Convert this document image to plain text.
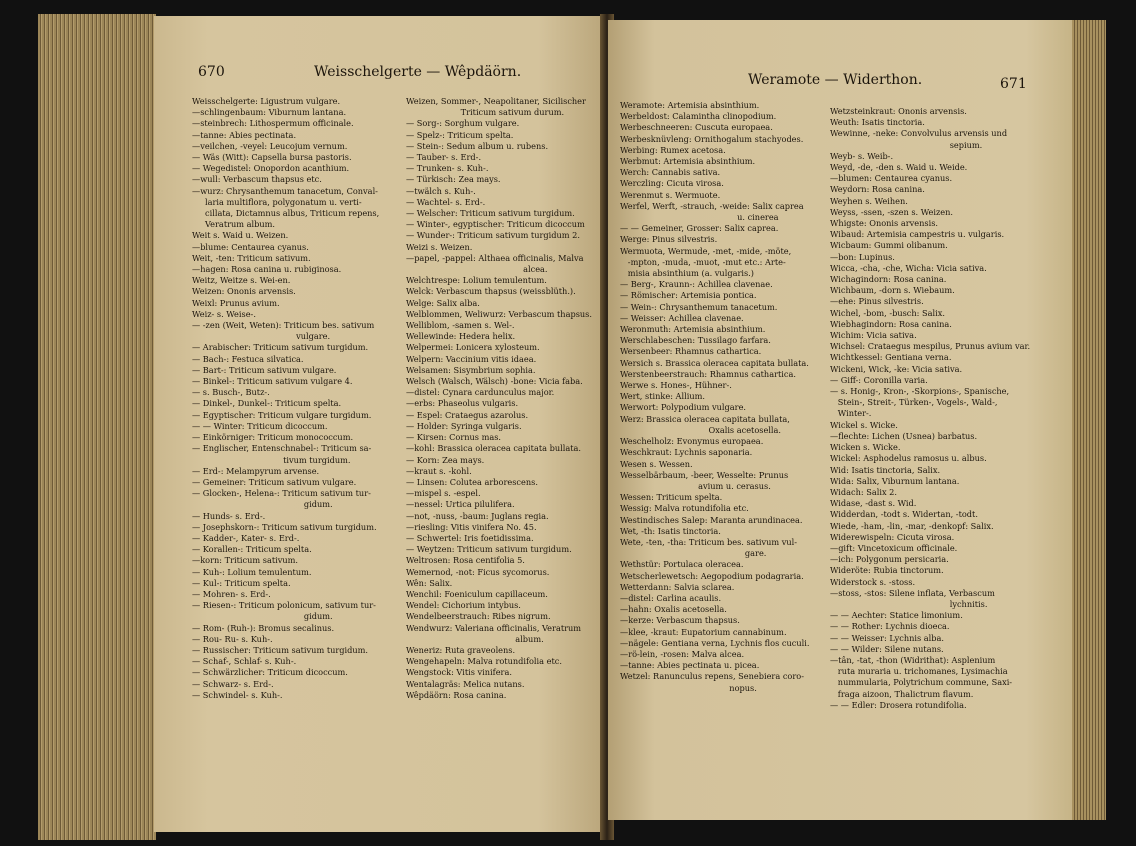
670	Weisschelgerte — Wêpdäörn.

Weisschelgerte: Ligustrum vulgare.

—schlingenbaum: Viburnum lantana.

—steinbrech: Lithospermum officinale.

—tanne: Abies pectinata.

—veilchen, -veyel: Leucojum vernum.

— Wäs (Witt): Capsella bursa pastoris.

— Wegedistel: Onopordon acanthium.

—wull: Verbascum thapsus etc.

—wurz: Chrysanthemum tanacetum, Conval-

laria multiflora, polygonatum u. verti-

cillata, Dictamnus albus, Triticum repens,

Veratrum album.

Weit s. Waid u. Weizen.

—blume: Centaurea cyanus.

Weit, -ten: Triticum sativum.

—hagen: Rosa canina u. rubiginosa.

Weitz, Weitze s. Wei-en.

Weizen: Ononis arvensis.

Weixl: Prunus avium.

Weiz- s. Weise-.

— -zen (Weit, Weten): Triticum bes. sativum

vulgare.

— Arabischer: Triticum sativum turgidum.

— Bach-: Festuca silvatica.

— Bart-: Triticum sativum vulgare.

— Binkel-: Triticum sativum vulgare 4.

— s. Busch-, Butz-.

— Dinkel-, Dunkel-: Triticum spelta.

— Egyptischer: Triticum vulgare turgidum.

— — Winter: Triticum dicoccum.

— Einkörniger: Triticum monococcum.

— Englischer, Entenschnabel-: Triticum sa-

tivum turgidum.

— Erd-: Melampyrum arvense.

— Gemeiner: Triticum sativum vulgare.

— Glocken-, Helena-: Triticum sativum tur-

gidum.

— Hunds- s. Erd-.

— Josephskorn-: Triticum sativum turgidum.

— Kadder-, Kater- s. Erd-.

— Korallen-: Triticum spelta.

—korn: Triticum sativum.

— Kuh-: Lolium temulentum.

— Kul-: Triticum spelta.

— Mohren- s. Erd-.

— Riesen-: Triticum polonicum, sativum tur-

gidum.

— Rom- (Ruh-): Bromus secalinus.

— Rou- Ru- s. Kuh-.

— Russischer: Triticum sativum turgidum.

— Schaf-, Schlaf- s. Kuh-.

— Schwärzlicher: Triticum dicoccum.

— Schwarz- s. Erd-.

— Schwindel- s. Kuh-.

Weizen, Sommer-, Neapolitaner, Sicilischer

Triticum sativum durum.

— Sorg-: Sorghum vulgare.

— Spelz-: Triticum spelta.

— Stein-: Sedum album u. rubens.

— Tauber- s. Erd-.

— Trunken- s. Kuh-.

— Türkisch: Zea mays.

—twälch s. Kuh-.

— Wachtel- s. Erd-.

— Welscher: Triticum sativum turgidum.

— Winter-, egyptischer: Triticum dicoccum

— Wunder-: Triticum sativum turgidum 2.

Weizi s. Weizen.

—papel, -pappel: Althaea officinalis, Malva

alcea.

Welchtrespe: Lolium temulentum.

Welck: Verbascum thapsus (weissblüth.).

Welge: Salix alba.

Welblommen, Weliwurz: Verbascum thapsus.

Welliblom, -samen s. Wel-.

Wellewinde: Hedera helix.

Welpermei: Lonicera xylosteum.

Welpern: Vaccinium vitis idaea.

Welsamen: Sisymbrium sophia.

Welsch (Walsch, Wälsch) -bone: Vicia faba.

—distel: Cynara cardunculus major.

—erbs: Phaseolus vulgaris.

— Espel: Crataegus azarolus.

— Holder: Syringa vulgaris.

— Kirsen: Cornus mas.

—kohl: Brassica oleracea capitata bullata.

— Korn: Zea mays.

—kraut s. -kohl.

— Linsen: Colutea arborescens.

—mispel s. -espel.

—nessel: Urtica pilulifera.

—not, -nuss, -baum: Juglans regia.

—riesling: Vitis vinifera No. 45.

— Schwertel: Iris foetidissima.

— Weytzen: Triticum sativum turgidum.

Weltrosen: Rosa centifolia 5.

Wemernod, -not: Ficus sycomorus.

Wên: Salix.

Wenchil: Foeniculum capillaceum.

Wendel: Cichorium intybus.

Wendelbeerstrauch: Ribes nigrum.

Wendwurz: Valeriana officinalis, Veratrum

album.

Weneriz: Ruta graveolens.

Wengehapeln: Malva rotundifolia etc.

Wengstock: Vitis vinifera.

Wentalagräs: Melica nutans.

Wêpdäörn: Rosa canina.

Weramote — Widerthon.	671

Weramote: Artemisia absinthium.

Werbeldost: Calamintha clinopodium.

Werbeschneeren: Cuscuta europaea.

Werbesknüvleng: Ornithogalum stachyodes.

Werbing: Rumex acetosa.

Werbmut: Artemisia absinthium.

Werch: Cannabis sativa.

Werczling: Cicuta virosa.

Werenmut s. Wermuote.

Werfel, Werft, -strauch, -weide: Salix caprea

u. cinerea

— — Gemeiner, Grosser: Salix caprea.

Werge: Pinus silvestris.

Wermuota, Wermude, -met, -mide, -möte,

-mpton, -muda, -muot, -mut etc.: Arte-

misia absinthium (a. vulgaris.)

— Berg-, Kraunn-: Achillea clavenae.

— Römischer: Artemisia pontica.

— Wein-: Chrysanthemum tanacetum.

— Weisser: Achillea clavenae.

Weronmuth: Artemisia absinthium.

Werschlabeschen: Tussilago farfara.

Wersenbeer: Rhamnus cathartica.

Wersich s. Brassica oleracea capitata bullata.

Werstenbeerstrauch: Rhamnus cathartica.

Werwe s. Hones-, Hühner-.

Wert, stinke: Allium.

Werwort: Polypodium vulgare.

Werz: Brassica oleracea capitata bullata,

Oxalis acetosella.

Weschelholz: Evonymus europaea.

Weschkraut: Lychnis saponaria.

Wesen s. Wessen.

Wesselbärbaum, -beer, Wesselte: Prunus

avium u. cerasus.

Wessen: Triticum spelta.

Wessig: Malva rotundifolia etc.

Westindisches Salep: Maranta arundinacea.

Wet, -th: Isatis tinctoria.

Wete, -ten, -tha: Triticum bes. sativum vul-

gare.

Wethstür: Portulaca oleracea.

Wetscherlewetsch: Aegopodium podagraria.

Wetterdann: Salvia sclarea.

—distel: Carlina acaulis.

—hahn: Oxalis acetosella.

—kerze: Verbascum thapsus.

—klee, -kraut: Eupatorium cannabinum.

—nägele: Gentiana verna, Lychnis flos cuculi.

—rö-lein, -rosen: Malva alcea.

—tanne: Abies pectinata u. picea.

Wetzel: Ranunculus repens, Senebiera coro-

nopus.

Wetzsteinkraut: Ononis arvensis.

Weuth: Isatis tinctoria.

Wewinne, -neke: Convolvulus arvensis und

sepium.

Weyb- s. Weib-.

Weyd, -de, -den s. Waid u. Weide.

—blumen: Centaurea cyanus.

Weydorn: Rosa canina.

Weyhen s. Weihen.

Weyss, -ssen, -szen s. Weizen.

Whigste: Ononis arvensis.

Wibaud: Artemisia campestris u. vulgaris.

Wicbaum: Gummi olibanum.

—bon: Lupinus.

Wicca, -cha, -che, Wicha: Vicia sativa.

Wichagindorn: Rosa canina.

Wichbaum, -dorn s. Wiebaum.

—ehe: Pinus silvestris.

Wichel, -bom, -busch: Salix.

Wiebhagindorn: Rosa canina.

Wichim: Vicia sativa.

Wichsel: Crataegus mespilus, Prunus avium var.

Wichtkessel: Gentiana verna.

Wickeni, Wick, -ke: Vicia sativa.

— Giff-: Coronilla varia.

— s. Honig-, Kron-, -Skorpions-, Spanische,

Stein-, Streit-, Türken-, Vogels-, Wald-,

Winter-.

Wickel s. Wicke.

—flechte: Lichen (Usnea) barbatus.

Wicken s. Wicke.

Wickel: Asphodelus ramosus u. albus.

Wid: Isatis tinctoria, Salix.

Wida: Salix, Viburnum lantana.

Widach: Salix 2.

Widase, -dast s. Wid.

Widderdan, -todt s. Widertan, -todt.

Wiede, -ham, -lin, -mar, -denkopf: Salix.

Widerewispeln: Cicuta virosa.

—gift: Vincetoxicum officinale.

—ich: Polygonum persicaria.

Wideröte: Rubia tinctorum.

Widerstock s. -stoss.

—stoss, -stos: Silene inflata, Verbascum

lychnitis.

— — Aechter: Statice limonium.

— — Rother: Lychnis dioeca.

— — Weisser: Lychnis alba.

— — Wilder: Silene nutans.

—tân, -tat, -thon (Widrithat): Asplenium

ruta muraria u. trichomanes, Lysimachia

nummularia, Polytrichum commune, Saxi-

fraga aizoon, Thalictrum flavum.

— — Edler: Drosera rotundifolia.
